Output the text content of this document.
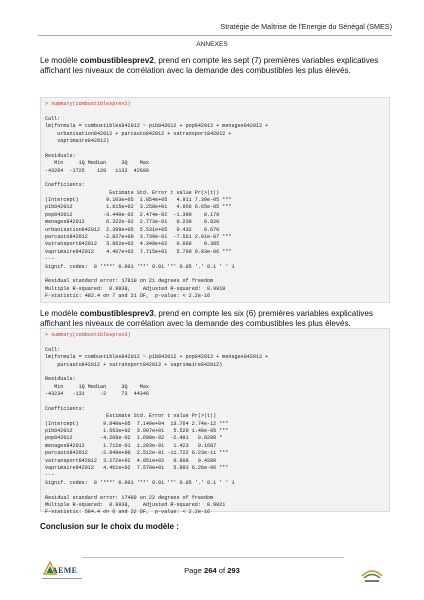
Stratégie de Maîtrise de l'Energie du Sénégal (SMES)
ANNEXES
Le modèle combustiblesprev2, prend en compte les sept (7) premières variables explicatives affichant les niveaux de corrélation avec la demande des combustibles les plus élevés.
> summary(combustiblesprev2)
Call:
lm(formula = combustibles842012 ~ pib842012 + pop842012 + menages842012 +
urbanisation842012 + parcauto842012 + vatransport842012 +
vaprimaire842012)
Residuals:
Min     1Q Median     3Q    Max
-43204  -1725    120   1132  42609
Coefficients:
Estimate Std. Error t value Pr(>|t|)
(Intercept)         9.103e+05  1.854e+05   4.911 7.39e-05 ***
pib842012           1.615e+02  3.258e+01   4.956 6.65e-05 ***
pop842012          -3.440e-02  2.474e-02  -1.390    0.179
menages842012       6.322e-02  2.773e-01   0.230    0.820
urbanisation842012  2.399e+05  5.531e+05   0.432    0.670
parcauto842012     -2.827e+00  3.739e-01  -7.561 2.01e-07 ***
vatransport842012   3.862e+02  4.349e+02   0.888    0.385
vaprimaire842012    4.467e+02  7.715e+01   5.790 9.83e-06 ***
---
Signif. codes:  0 '***' 0.001 '**' 0.01 '*' 0.05 '.' 0.1 ' ' 1
Residual standard error: 17810 on 21 degrees of freedom
Multiple R-squared:  0.9938,    Adjusted R-squared:  0.9918
F-statistic: 482.4 on 7 and 21 DF,  p-value: < 2.2e-16
Le modèle combustiblesprev3, prend en compte les six (6) premières variables explicatives affichant les niveaux de corrélation avec la demande des combustibles les plus élevés.
> summary(combustiblesprev3)
Call:
lm(formula = combustibles842012 ~ pib842012 + pop842012 + menages842012 +
parcauto842012 + vatransport842012 + vaprimaire842012)
Residuals:
Min     1Q Median     3Q    Max
-43234   -131     -2     73  44346
Coefficients:
Estimate Std. Error t value Pr(>|t|)
(Intercept)        9.840e+05  7.149e+04  13.764 2.74e-12 ***
pib842012          1.663e+02  3.007e+01   5.529 1.48e-05 ***
pop842012         -4.208e-02  1.690e-02  -2.491   0.0208 *
menages842012      1.712e-01  1.203e-01   1.423   0.1687
parcauto842012    -2.949e+00  2.512e-01 -11.722 6.23e-11 ***
vatransport842012  3.272e+02  4.051e+02   0.808   0.4280
vaprimaire842012   4.461e+02  7.570e+01   5.893 6.26e-06 ***
---
Signif. codes:  0 '***' 0.001 '**' 0.01 '*' 0.05 '.' 0.1 ' ' 1
Residual standard error: 17480 on 22 degrees of freedom
Multiple R-squared:  0.9938,    Adjusted R-squared:  0.9921
F-statistic: 584.4 on 6 and 22 DF,  p-value: < 2.2e-16
Conclusion sur le choix du modèle :
AEME	Page 264 of 293
